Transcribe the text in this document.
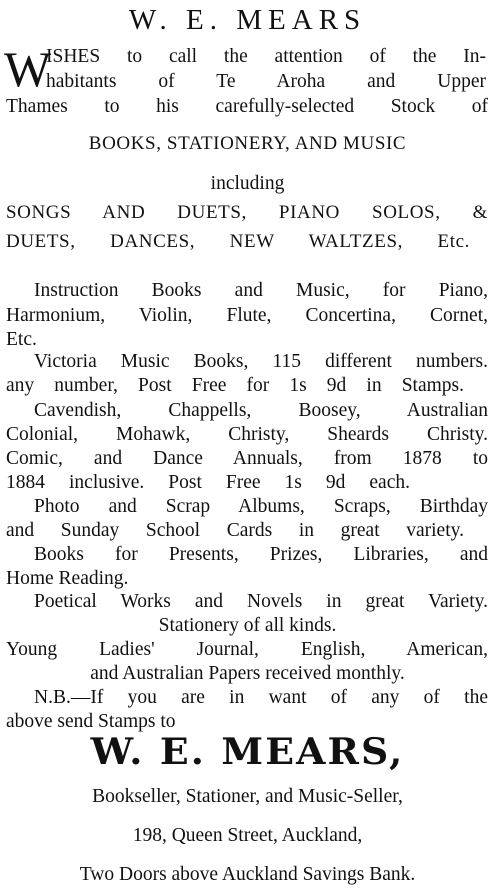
W. E. MEARS
W
ISHES to call the attention of the In-
habitants of Te Aroha and Upper
Thames to his carefully-selected Stock of
BOOKS, STATIONERY, AND MUSIC
including
SONGS AND DUETS, PIANO SOLOS, &
DUETS, DANCES, NEW WALTZES, Etc.
Instruction Books and Music, for Piano,
Harmonium, Violin, Flute, Concertina, Cornet,
Etc.
Victoria Music Books, 115 different numbers.
any number, Post Free for 1s 9d in Stamps.
Cavendish, Chappells, Boosey, Australian
Colonial, Mohawk, Christy, Sheards Christy.
Comic, and Dance Annuals, from 1878 to
1884 inclusive. Post Free 1s 9d each.
Photo and Scrap Albums, Scraps, Birthday
and Sunday School Cards in great variety.
Books for Presents, Prizes, Libraries, and
Home Reading.
Poetical Works and Novels in great Variety.
Stationery of all kinds.
Young Ladies' Journal, English, American,
and Australian Papers received monthly.
N.B.—If you are in want of any of the
above send Stamps to
W. E. MEARS,
Bookseller, Stationer, and Music-Seller,
198, Queen Street, Auckland,
Two Doors above Auckland Savings Bank.
